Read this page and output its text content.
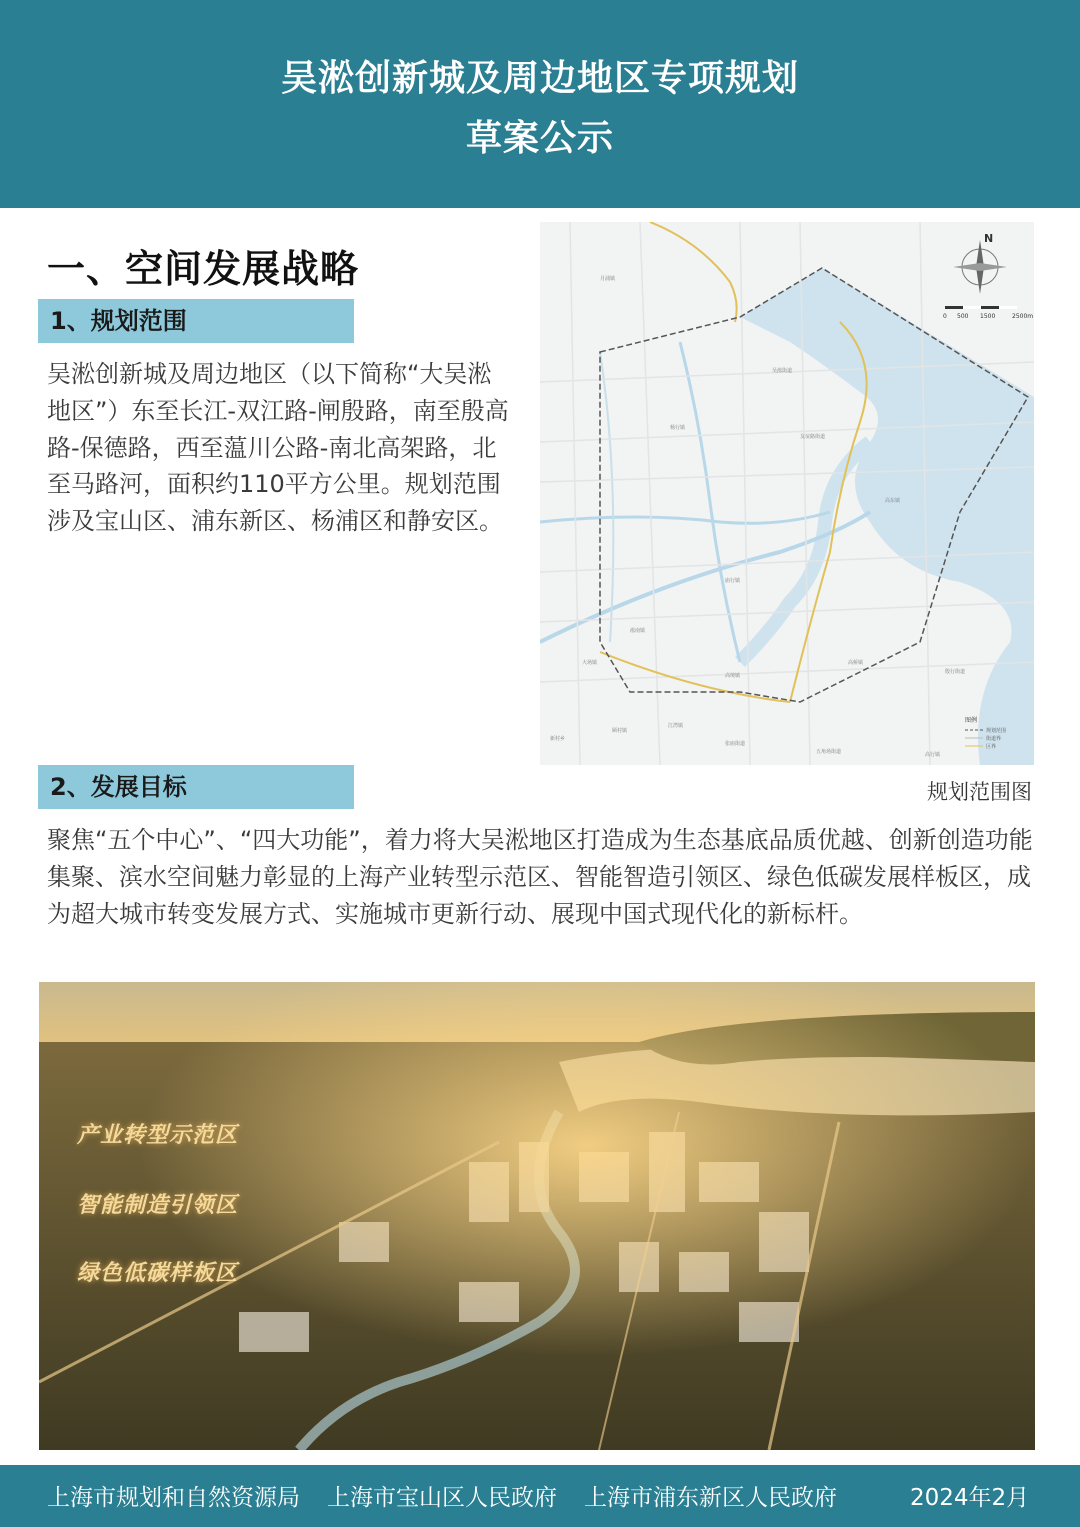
吴淞创新城及周边地区专项规划
草案公示
一、空间发展战略
1、规划范围
吴淞创新城及周边地区（以下简称“大吴淞地区”）东至长江-双江路-闸殷路，南至殷高路-保德路，西至蕰川公路-南北高架路，北至马路河，面积约110平方公里。规划范围涉及宝山区、浦东新区、杨浦区和静安区。
N
0 500 1500	2500m
月浦镇
吴淞街道
杨行镇
友谊路街道
高东镇
庙行镇
淞南镇
大场镇
高境镇
高桥镇
江湾镇
殷行街道
五角场街道
张庙街道
高行镇
顾村镇
新村乡
图例
规划范围
街道界
区界
规划范围图
2、发展目标
聚焦“五个中心”、“四大功能”，着力将大吴淞地区打造成为生态基底品质优越、创新创造功能集聚、滨水空间魅力彰显的上海产业转型示范区、智能智造引领区、绿色低碳发展样板区，成为超大城市转变发展方式、实施城市更新行动、展现中国式现代化的新标杆。
产业转型示范区
智能制造引领区
绿色低碳样板区
上海市规划和自然资源局 上海市宝山区人民政府 上海市浦东新区人民政府	2024年2月
